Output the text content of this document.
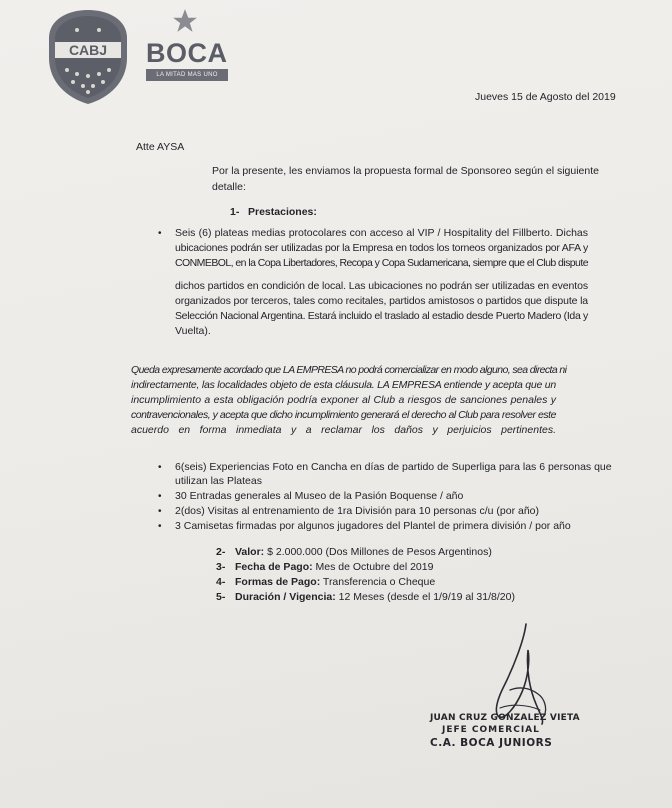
CABJ BOCA
LA MITAD MAS UNO
Jueves 15 de Agosto del 2019
Atte AYSA
Por la presente, les enviamos la propuesta formal de Sponsoreo según el siguiente
detalle:
1- Prestaciones:
• Seis (6) plateas medias protocolares con acceso al VIP / Hospitality del Fillberto. Dichas
ubicaciones podrán ser utilizadas por la Empresa en todos los torneos organizados por AFA y
CONMEBOL, en la Copa Libertadores, Recopa y Copa Sudamericana, siempre que el Club dispute
dichos partidos en condición de local. Las ubicaciones no podrán ser utilizadas en eventos
organizados por terceros, tales como recitales, partidos amistosos o partidos que dispute la
Selección Nacional Argentina. Estará incluido el traslado al estadio desde Puerto Madero (Ida y
Vuelta).
Queda expresamente acordado que LA EMPRESA no podrá comercializar en modo alguno, sea directa ni
indirectamente, las localidades objeto de esta cláusula. LA EMPRESA entiende y acepta que un
incumplimiento a esta obligación podría exponer al Club a riesgos de sanciones penales y
contravencionales, y acepta que dicho incumplimiento generará el derecho al Club para resolver este
acuerdo en forma inmediata y a reclamar los daños y perjuicios pertinentes.
• 6(seis) Experiencias Foto en Cancha en días de partido de Superliga para las 6 personas que
utilizan las Plateas
• 30 Entradas generales al Museo de la Pasión Boquense / año
• 2(dos) Visitas al entrenamiento de 1ra División para 10 personas c/u (por año)
• 3 Camisetas firmadas por algunos jugadores del Plantel de primera división / por año
2- Valor: $ 2.000.000 (Dos Millones de Pesos Argentinos)
3- Fecha de Pago: Mes de Octubre del 2019
4- Formas de Pago: Transferencia o Cheque
5- Duración / Vigencia: 12 Meses (desde el 1/9/19 al 31/8/20)
JUAN CRUZ GONZALEZ VIETA
JEFE COMERCIAL
C.A. BOCA JUNIORS
